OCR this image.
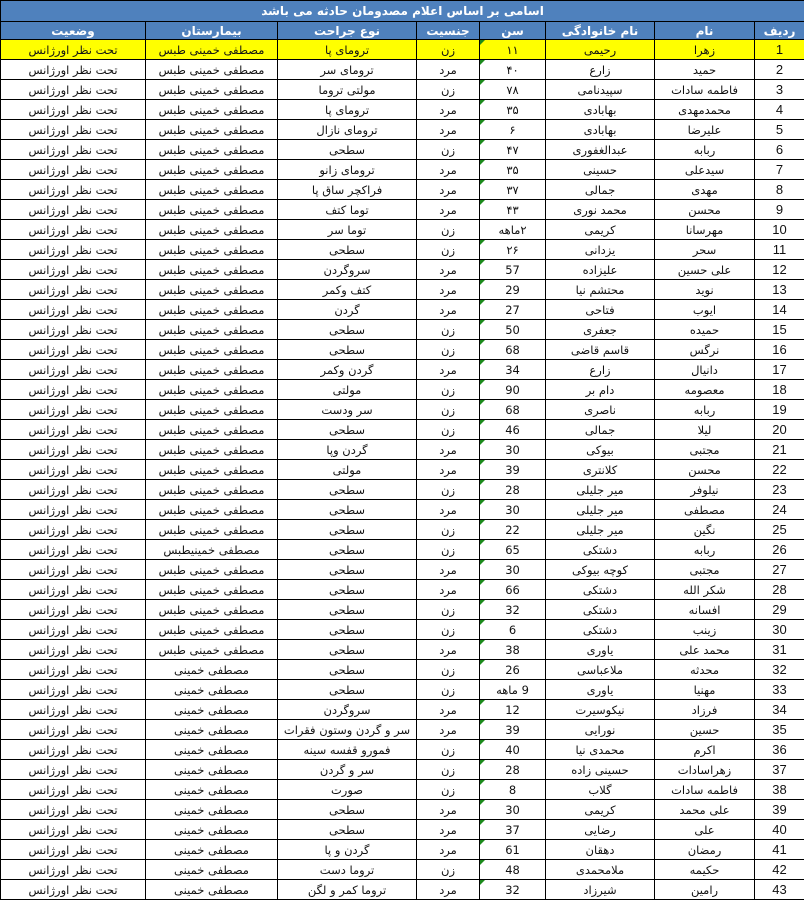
اسامی بر اساس اعلام مصدومان حادثه می باشد							
ردیف	نام	نام خانوادگی	سن	جنسیت	نوع جراحت	بیمارستان	وضعیت
1	زهرا	رحیمی	۱۱	زن	ترومای پا	مصطفی خمینی طبس	تحت نظر اورژانس
2	حمید	زارع	۴۰	مرد	ترومای سر	مصطفی خمینی طبس	تحت نظر اورژانس
3	فاطمه سادات	سپیدنامی	۷۸	زن	مولتی تروما	مصطفی خمینی طبس	تحت نظر اورژانس
4	محمدمهدی	بهابادی	۳۵	مرد	ترومای پا	مصطفی خمینی طبس	تحت نظر اورژانس
5	علیرضا	بهابادی	۶	مرد	ترومای نازال	مصطفی خمینی طبس	تحت نظر اورژانس
6	ربابه	عبدالغفوری	۴۷	زن	سطحی	مصطفی خمینی طبس	تحت نظر اورژانس
7	سیدعلی	حسینی	۳۵	مرد	ترومای زانو	مصطفی خمینی طبس	تحت نظر اورژانس
8	مهدی	جمالی	۳۷	مرد	فراکچر ساق پا	مصطفی خمینی طبس	تحت نظر اورژانس
9	محسن	محمد نوری	۴۳	مرد	توما کتف	مصطفی خمینی طبس	تحت نظر اورژانس
10	مهرسانا	کریمی	۲ماهه	زن	توما سر	مصطفی خمینی طبس	تحت نظر اورژانس
11	سحر	یزدانی	۲۶	زن	سطحی	مصطفی خمینی طبس	تحت نظر اورژانس
12	علی حسین	علیزاده	57	مرد	سروگردن	مصطفی خمینی طبس	تحت نظر اورژانس
13	نوید	محتشم نیا	29	مرد	کتف وکمر	مصطفی خمینی طبس	تحت نظر اورژانس
14	ایوب	فتاحی	27	مرد	گردن	مصطفی خمینی طبس	تحت نظر اورژانس
15	حمیده	جعفری	50	زن	سطحی	مصطفی خمینی طبس	تحت نظر اورژانس
16	نرگس	قاسم قاضی	68	زن	سطحی	مصطفی خمینی طبس	تحت نظر اورژانس
17	دانیال	زارع	34	مرد	گردن وکمر	مصطفی خمینی طبس	تحت نظر اورژانس
18	معصومه	دام بر	90	زن	مولتی	مصطفی خمینی طبس	تحت نظر اورژانس
19	ربابه	ناصری	68	زن	سر ودست	مصطفی خمینی طبس	تحت نظر اورژانس
20	لیلا	جمالی	46	زن	سطحی	مصطفی خمینی طبس	تحت نظر اورژانس
21	مجتبی	بیوکی	30	مرد	گردن وپا	مصطفی خمینی طبس	تحت نظر اورژانس
22	محسن	کلانتری	39	مرد	مولتی	مصطفی خمینی طبس	تحت نظر اورژانس
23	نیلوفر	میر جلیلی	28	زن	سطحی	مصطفی خمینی طبس	تحت نظر اورژانس
24	مصطفی	میر جلیلی	30	مرد	سطحی	مصطفی خمینی طبس	تحت نظر اورژانس
25	نگین	میر جلیلی	22	زن	سطحی	مصطفی خمینی طبس	تحت نظر اورژانس
26	ربابه	دشتکی	65	زن	سطحی	مصطفی خمینیطبس	تحت نظر اورژانس
27	مجتبی	کوچه بیوکی	30	مرد	سطحی	مصطفی خمینی طبس	تحت نظر اورژانس
28	شکر الله	دشتکی	66	مرد	سطحی	مصطفی خمینی طبس	تحت نظر اورژانس
29	افسانه	دشتکی	32	زن	سطحی	مصطفی خمینی طبس	تحت نظر اورژانس
30	زینب	دشتکی	6	زن	سطحی	مصطفی خمینی طبس	تحت نظر اورژانس
31	محمد علی	یاوری	38	مرد	سطحی	مصطفی خمینی طبس	تحت نظر اورژانس
32	محدثه	ملاعباسی	26	زن	سطحی	مصطفی خمینی	تحت نظر اورژانس
33	مهنیا	یاوری	9 ماهه	زن	سطحی	مصطفی خمینی	تحت نظر اورژانس
34	فرزاد	نیکوسیرت	12	مرد	سروگردن	مصطفی خمینی	تحت نظر اورژانس
35	حسین	نورایی	39	مرد	سر و گردن وستون فقرات	مصطفی خمینی	تحت نظر اورژانس
36	اکرم	محمدی نیا	40	زن	فمورو قفسه سینه	مصطفی خمینی	تحت نظر اورژانس
37	زهراسادات	حسینی زاده	28	زن	سر و گردن	مصطفی خمینی	تحت نظر اورژانس
38	فاطمه سادات	گلاب	8	زن	صورت	مصطفی خمینی	تحت نظر اورژانس
39	علی محمد	کریمی	30	مرد	سطحی	مصطفی خمینی	تحت نظر اورژانس
40	علی	رضایی	37	مرد	سطحی	مصطفی خمینی	تحت نظر اورژانس
41	رمضان	دهقان	61	مرد	گردن و پا	مصطفی خمینی	تحت نظر اورژانس
42	حکیمه	ملامحمدی	48	زن	تروما دست	مصطفی خمینی	تحت نظر اورژانس
43	رامین	شیرزاد	32	مرد	تروما کمر و لگن	مصطفی خمینی	تحت نظر اورژانس
